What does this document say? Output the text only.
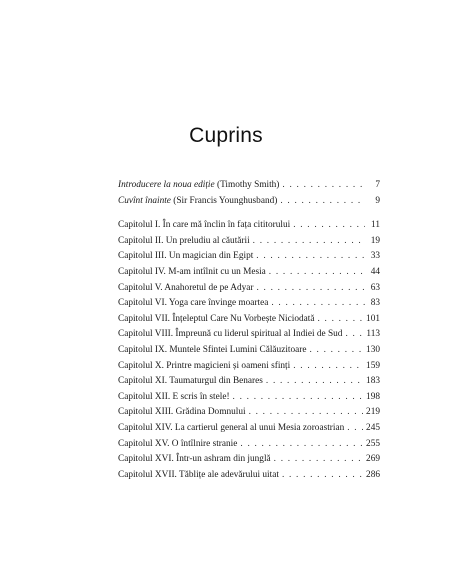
Cuprins
Introducere la noua ediție (Timothy Smith) . . .	7
Cuvînt înainte (Sir Francis Younghusband) . . .	9
Capitolul I. În care mă înclin în fața cititorului . . .	11
Capitolul II. Un preludiu al căutării . . .	19
Capitolul III. Un magician din Egipt . . .	33
Capitolul IV. M-am intîlnit cu un Mesia . . .	44
Capitolul V. Anahoretul de pe Adyar . . .	63
Capitolul VI. Yoga care învinge moartea . . .	83
Capitolul VII. Înțeleptul Care Nu Vorbește Niciodată . . .	101
Capitolul VIII. Împreună cu liderul spiritual al Indiei de Sud . . .	113
Capitolul IX. Muntele Sfintei Lumini Călăuzitoare . . .	130
Capitolul X. Printre magicieni și oameni sfinți . . .	159
Capitolul XI. Taumaturgul din Benares . . .	183
Capitolul XII. E scris în stele! . . .	198
Capitolul XIII. Grădina Domnului . . .	219
Capitolul XIV. La cartierul general al unui Mesia zoroastrian . . . 245
Capitolul XV. O întîlnire stranie . . .	255
Capitolul XVI. Într-un ashram din junglă . . .	269
Capitolul XVII. Tăblițe ale adevărului uitat . . .	286
